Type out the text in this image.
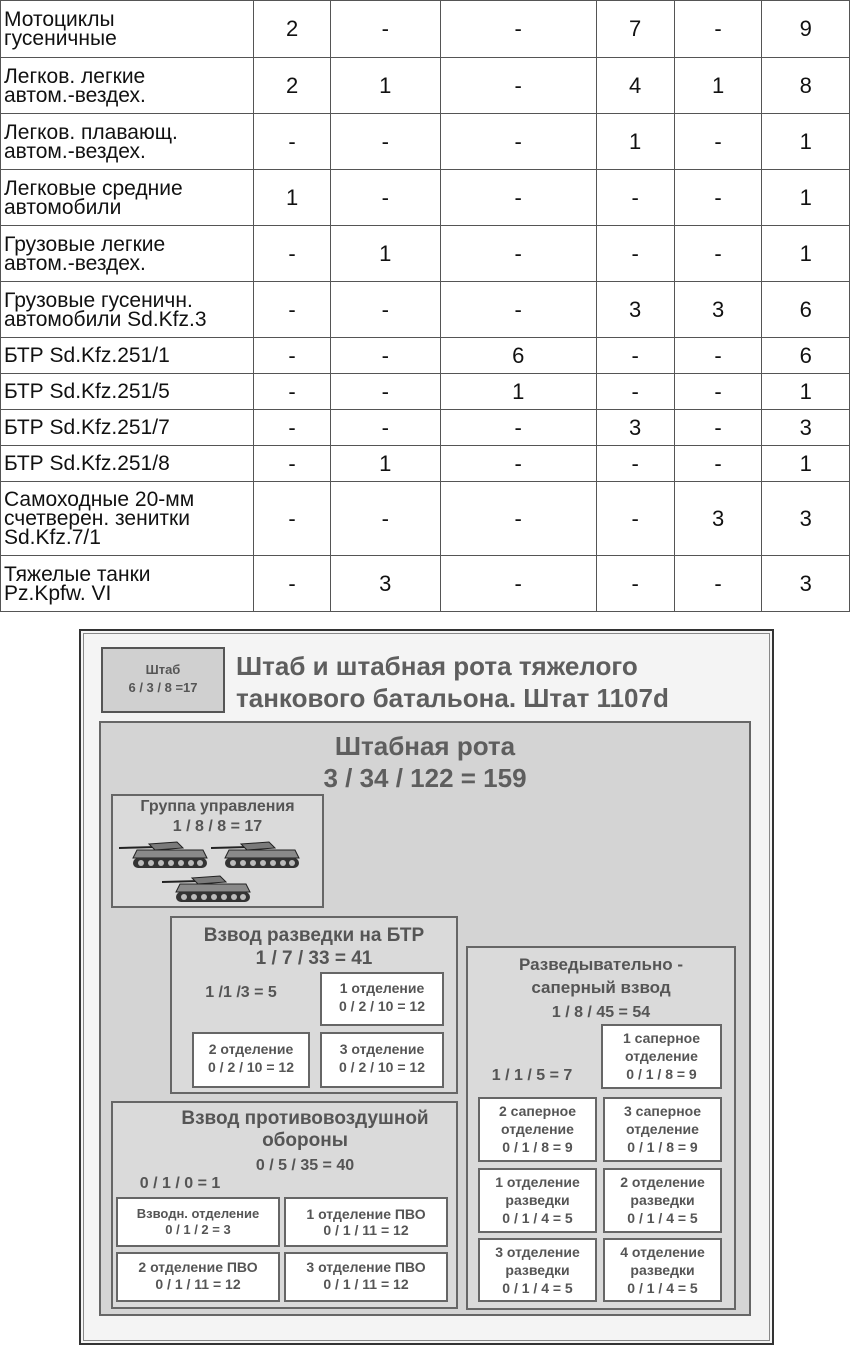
Мотоциклы
гусеничные	2	-	-	7	-	9

Легков. легкие
автом.-вездех.	2	1	-	4	1	8

Легков. плавающ.
автом.-вездех.	-	-	-	1	-	1

Легковые средние
автомобили	1	-	-	-	-	1

Грузовые легкие
автом.-вездех.	-	1	-	-	-	1

Грузовые гусеничн.
автомобили Sd.Kfz.3	-	-	-	3	3	6

БТР Sd.Kfz.251/1	-	-	6	-	-	6

БТР Sd.Kfz.251/5	-	-	1	-	-	1

БТР Sd.Kfz.251/7	-	-	-	3	-	3

БТР Sd.Kfz.251/8	-	1	-	-	-	1

Самоходные 20-мм
счетверен. зенитки
Sd.Kfz.7/1	-	-	-	-	3	3

Тяжелые танки
Pz.Kpfw. VI	-	3	-	-	-	3
Штаб
6 / 3 / 8 =17
Штаб и штабная рота тяжелого
танкового батальона. Штат 1107d
Штабная рота
3 / 34 / 122 = 159
Группа управления
1 / 8 / 8 = 17
Взвод разведки на БТР
1 / 7 / 33 = 41
1 /1 /3 = 5	1 отделение
0 / 2 / 10 = 12
2 отделение
0 / 2 / 10 = 12
3 отделение
0 / 2 / 10 = 12
Взвод противовоздушной
обороны
0 / 5 / 35 = 40
0 / 1 / 0 = 1
Взводн. отделение
0 / 1 / 2 = 3
1 отделение ПВО
0 / 1 / 11 = 12
2 отделение ПВО
0 / 1 / 11 = 12
3 отделение ПВО
0 / 1 / 11 = 12
Разведывательно -
саперный взвод
1 / 8 / 45 = 54
1 / 1 / 5 = 7
1 саперное
отделение
0 / 1 / 8 = 9
2 саперное
отделение
0 / 1 / 8 = 9
3 саперное
отделение
0 / 1 / 8 = 9
1 отделение
разведки
0 / 1 / 4 = 5
2 отделение
разведки
0 / 1 / 4 = 5
3 отделение
разведки
0 / 1 / 4 = 5
4 отделение
разведки
0 / 1 / 4 = 5
